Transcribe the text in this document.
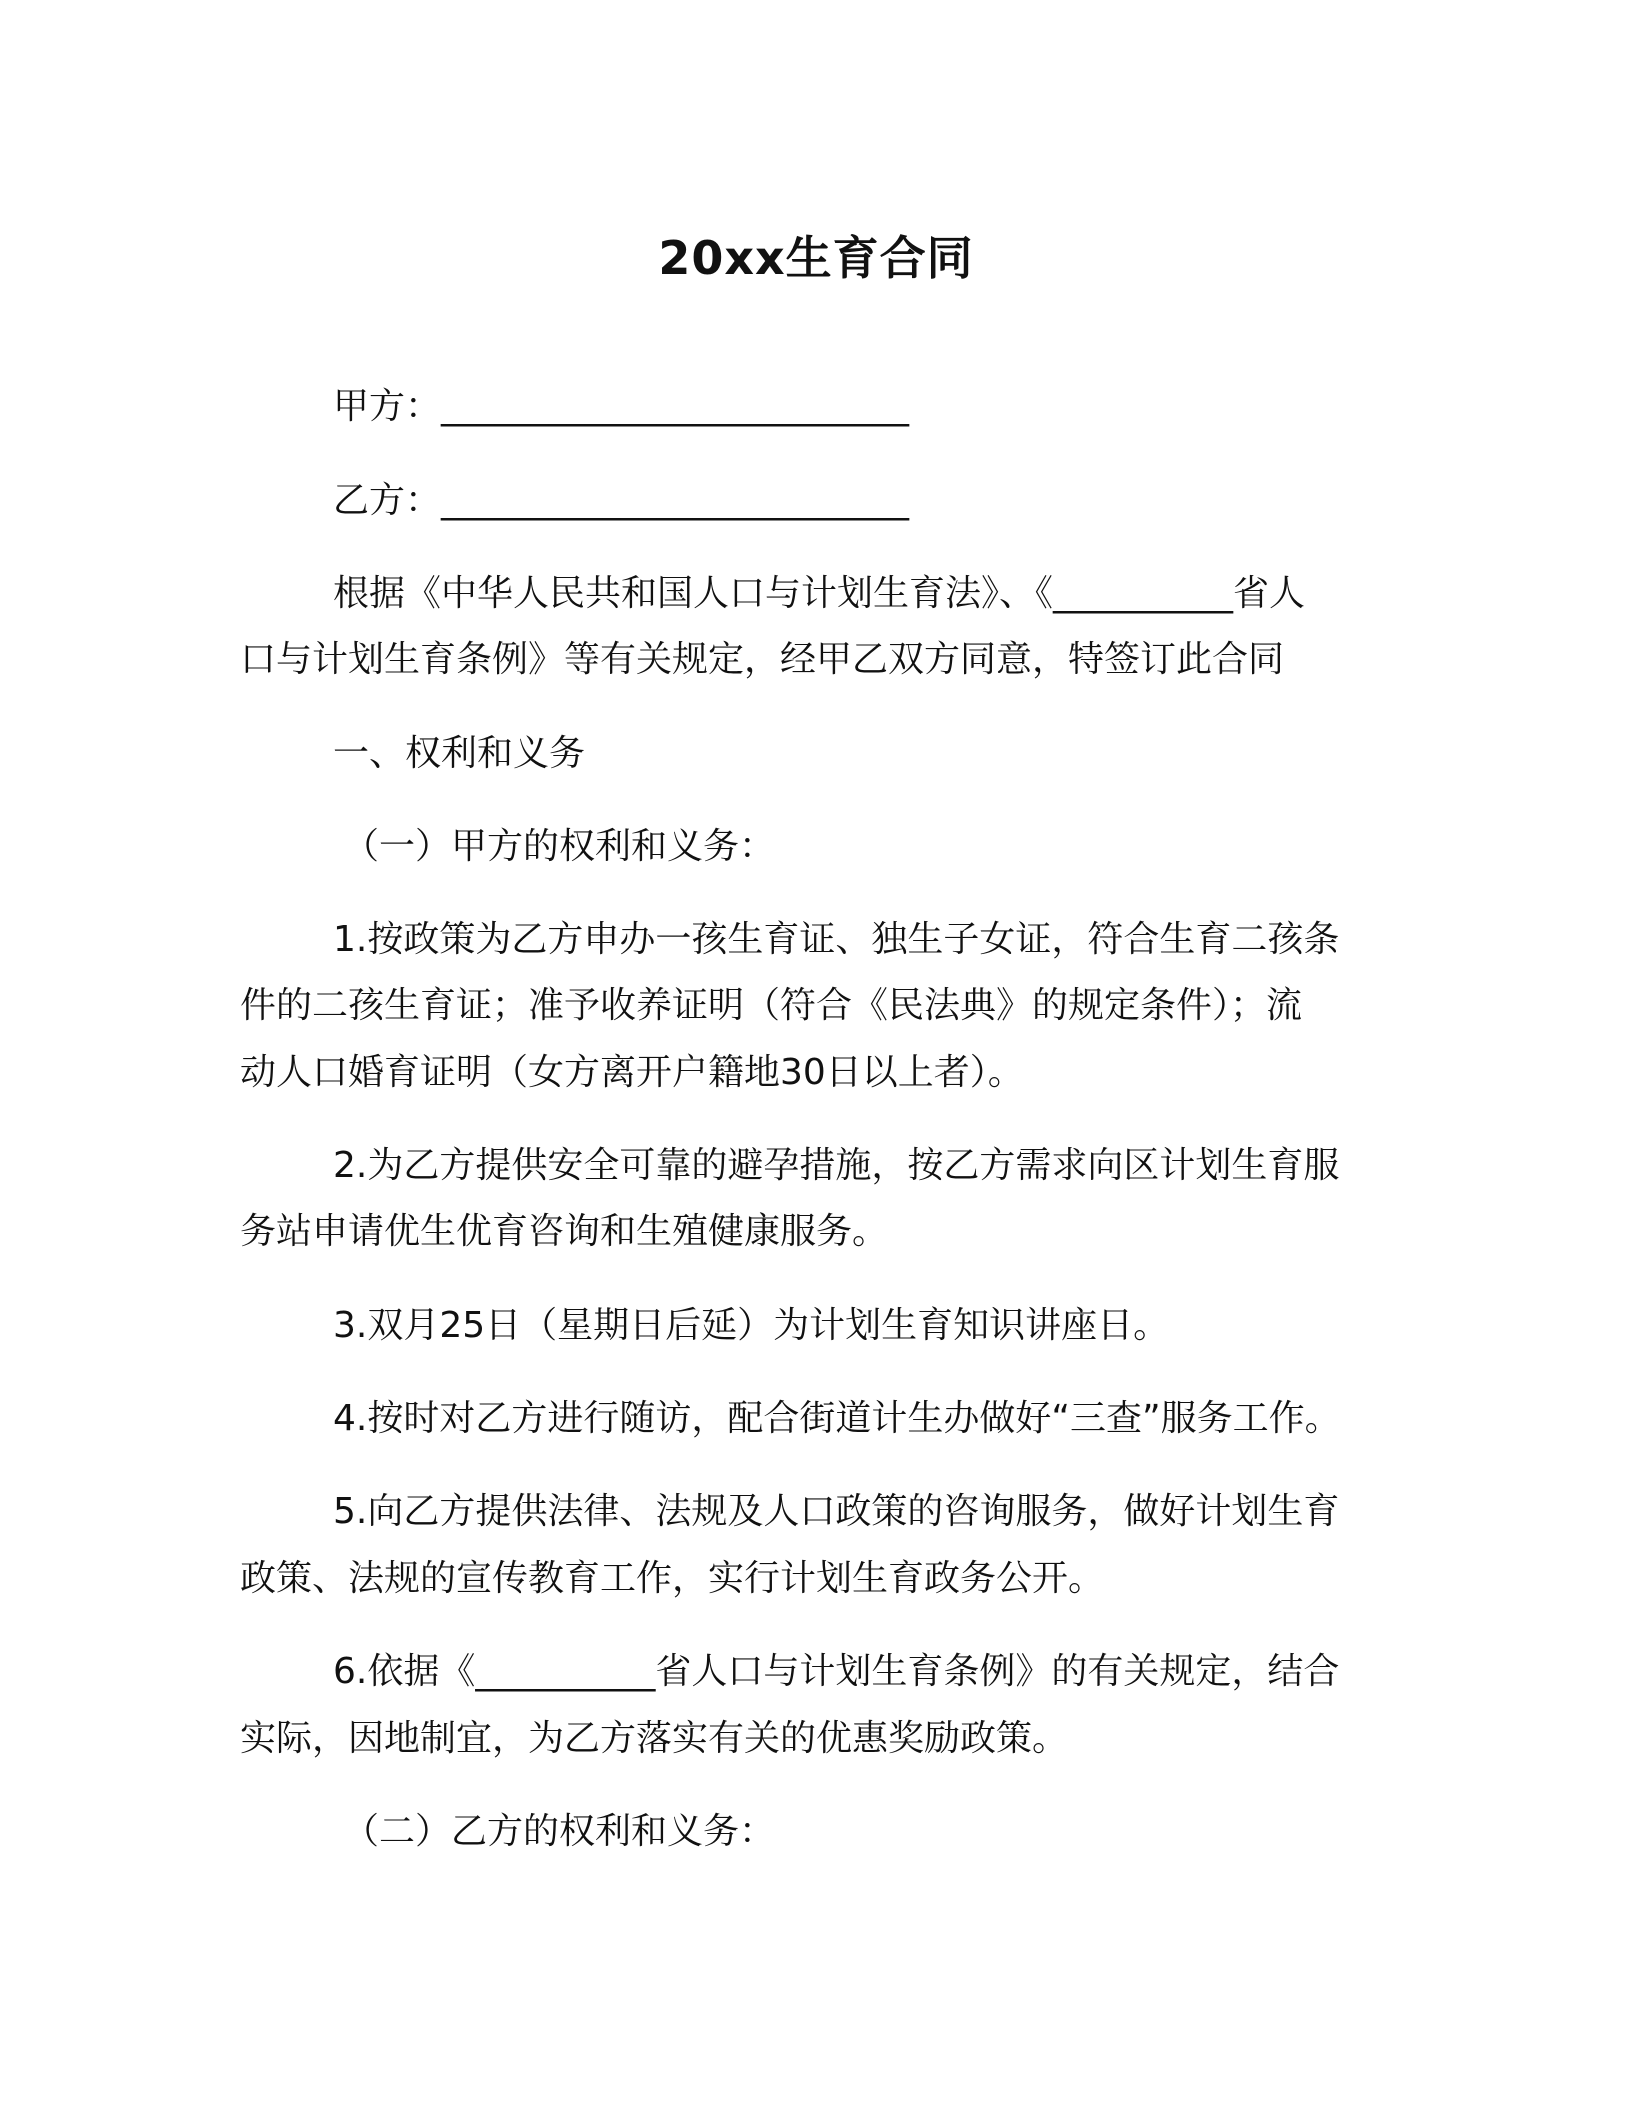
20xx生育合同
甲方：__________________________
乙方：__________________________
根据《中华人民共和国人口与计划生育法》、《__________省人
口与计划生育条例》等有关规定，经甲乙双方同意，特签订此合同
一、权利和义务
（一）甲方的权利和义务：
1.按政策为乙方申办一孩生育证、独生子女证，符合生育二孩条
件的二孩生育证；准予收养证明（符合《民法典》的规定条件）；流
动人口婚育证明（女方离开户籍地30日以上者）。
2.为乙方提供安全可靠的避孕措施，按乙方需求向区计划生育服
务站申请优生优育咨询和生殖健康服务。
3.双月25日（星期日后延）为计划生育知识讲座日。
4.按时对乙方进行随访，配合街道计生办做好“三查”服务工作。
5.向乙方提供法律、法规及人口政策的咨询服务，做好计划生育
政策、法规的宣传教育工作，实行计划生育政务公开。
6.依据《__________省人口与计划生育条例》的有关规定，结合
实际，因地制宜，为乙方落实有关的优惠奖励政策。
（二）乙方的权利和义务：
